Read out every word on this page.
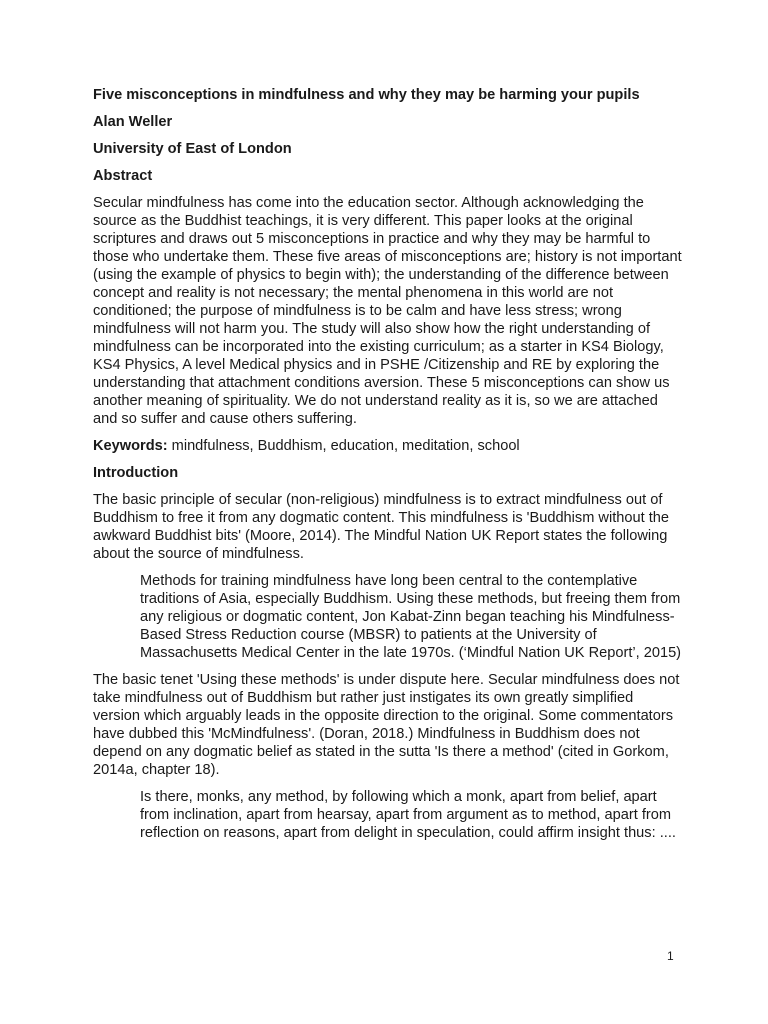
Five misconceptions in mindfulness and why they may be harming your pupils
Alan Weller
University of East of London
Abstract

Secular mindfulness has come into the education sector. Although acknowledging the source as the Buddhist teachings, it is very different. This paper looks at the original scriptures and draws out 5 misconceptions in practice and why they may be harmful to those who undertake them. These five areas of misconceptions are; history is not important (using the example of physics to begin with); the understanding of the difference between concept and reality is not necessary; the mental phenomena in this world are not conditioned; the purpose of mindfulness is to be calm and have less stress; wrong mindfulness will not harm you. The study will also show how the right understanding of mindfulness can be incorporated into the existing curriculum; as a starter in KS4 Biology, KS4 Physics, A level Medical physics and in PSHE /Citizenship and RE by exploring the understanding that attachment conditions aversion. These 5 misconceptions can show us another meaning of spirituality. We do not understand reality as it is, so we are attached and so suffer and cause others suffering.

Keywords: mindfulness, Buddhism, education, meditation, school

Introduction

The basic principle of secular (non-religious) mindfulness is to extract mindfulness out of Buddhism to free it from any dogmatic content. This mindfulness is 'Buddhism without the awkward Buddhist bits' (Moore, 2014). The Mindful Nation UK Report states the following about the source of mindfulness.

Methods for training mindfulness have long been central to the contemplative traditions of Asia, especially Buddhism. Using these methods, but freeing them from any religious or dogmatic content, Jon Kabat-Zinn began teaching his Mindfulness-Based Stress Reduction course (MBSR) to patients at the University of Massachusetts Medical Center in the late 1970s. (‘Mindful Nation UK Report’, 2015)

The basic tenet 'Using these methods' is under dispute here. Secular mindfulness does not take mindfulness out of Buddhism but rather just instigates its own greatly simplified version which arguably leads in the opposite direction to the original. Some commentators have dubbed this 'McMindfulness'. (Doran, 2018.) Mindfulness in Buddhism does not depend on any dogmatic belief as stated in the sutta 'Is there a method' (cited in Gorkom, 2014a, chapter 18).

Is there, monks, any method, by following which a monk, apart from belief, apart from inclination, apart from hearsay, apart from argument as to method, apart from reflection on reasons, apart from delight in speculation, could affirm insight thus: ....

1
